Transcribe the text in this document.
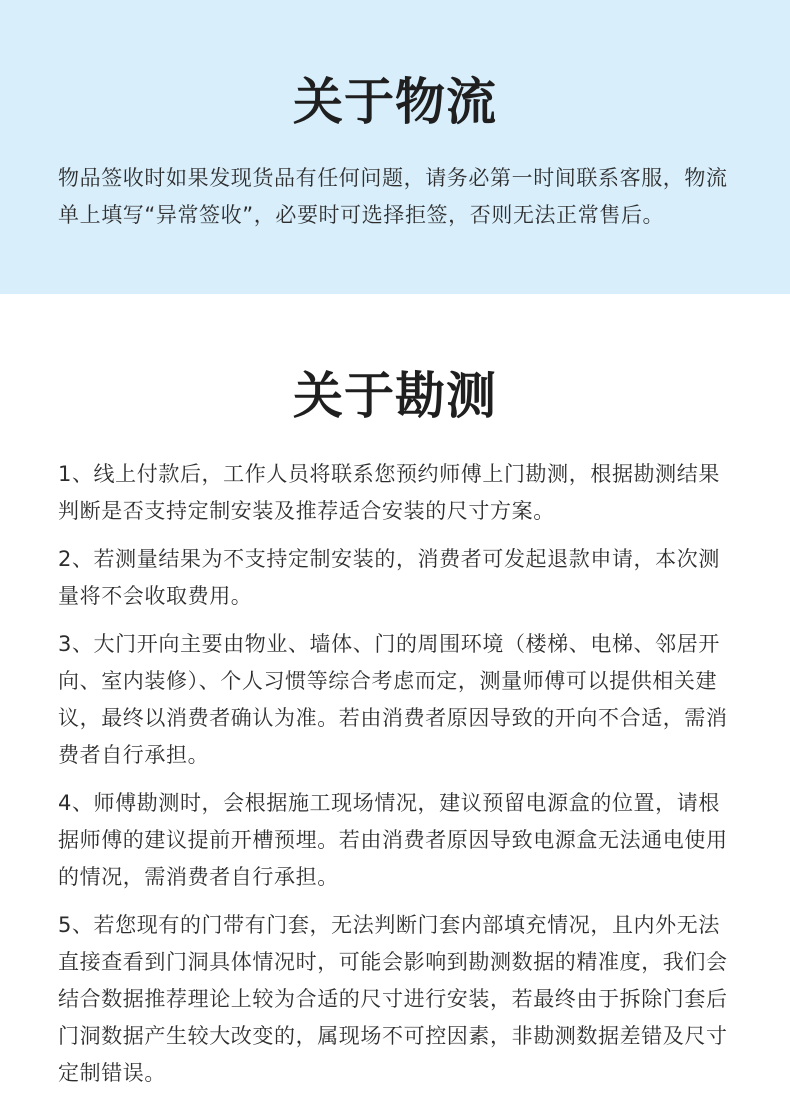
关于物流

物品签收时如果发现货品有任何问题，请务必第一时间联系客服，物流单上填写“异常签收”，必要时可选择拒签，否则无法正常售后。

关于勘测

1、线上付款后，工作人员将联系您预约师傅上门勘测，根据勘测结果判断是否支持定制安装及推荐适合安装的尺寸方案。

2、若测量结果为不支持定制安装的，消费者可发起退款申请，本次测量将不会收取费用。

3、大门开向主要由物业、墙体、门的周围环境（楼梯、电梯、邻居开向、室内装修）、个人习惯等综合考虑而定，测量师傅可以提供相关建议，最终以消费者确认为准。若由消费者原因导致的开向不合适，需消费者自行承担。

4、师傅勘测时，会根据施工现场情况，建议预留电源盒的位置，请根据师傅的建议提前开槽预埋。若由消费者原因导致电源盒无法通电使用的情况，需消费者自行承担。

5、若您现有的门带有门套，无法判断门套内部填充情况，且内外无法直接查看到门洞具体情况时，可能会影响到勘测数据的精准度，我们会结合数据推荐理论上较为合适的尺寸进行安装，若最终由于拆除门套后门洞数据产生较大改变的，属现场不可控因素，非勘测数据差错及尺寸定制错误。
